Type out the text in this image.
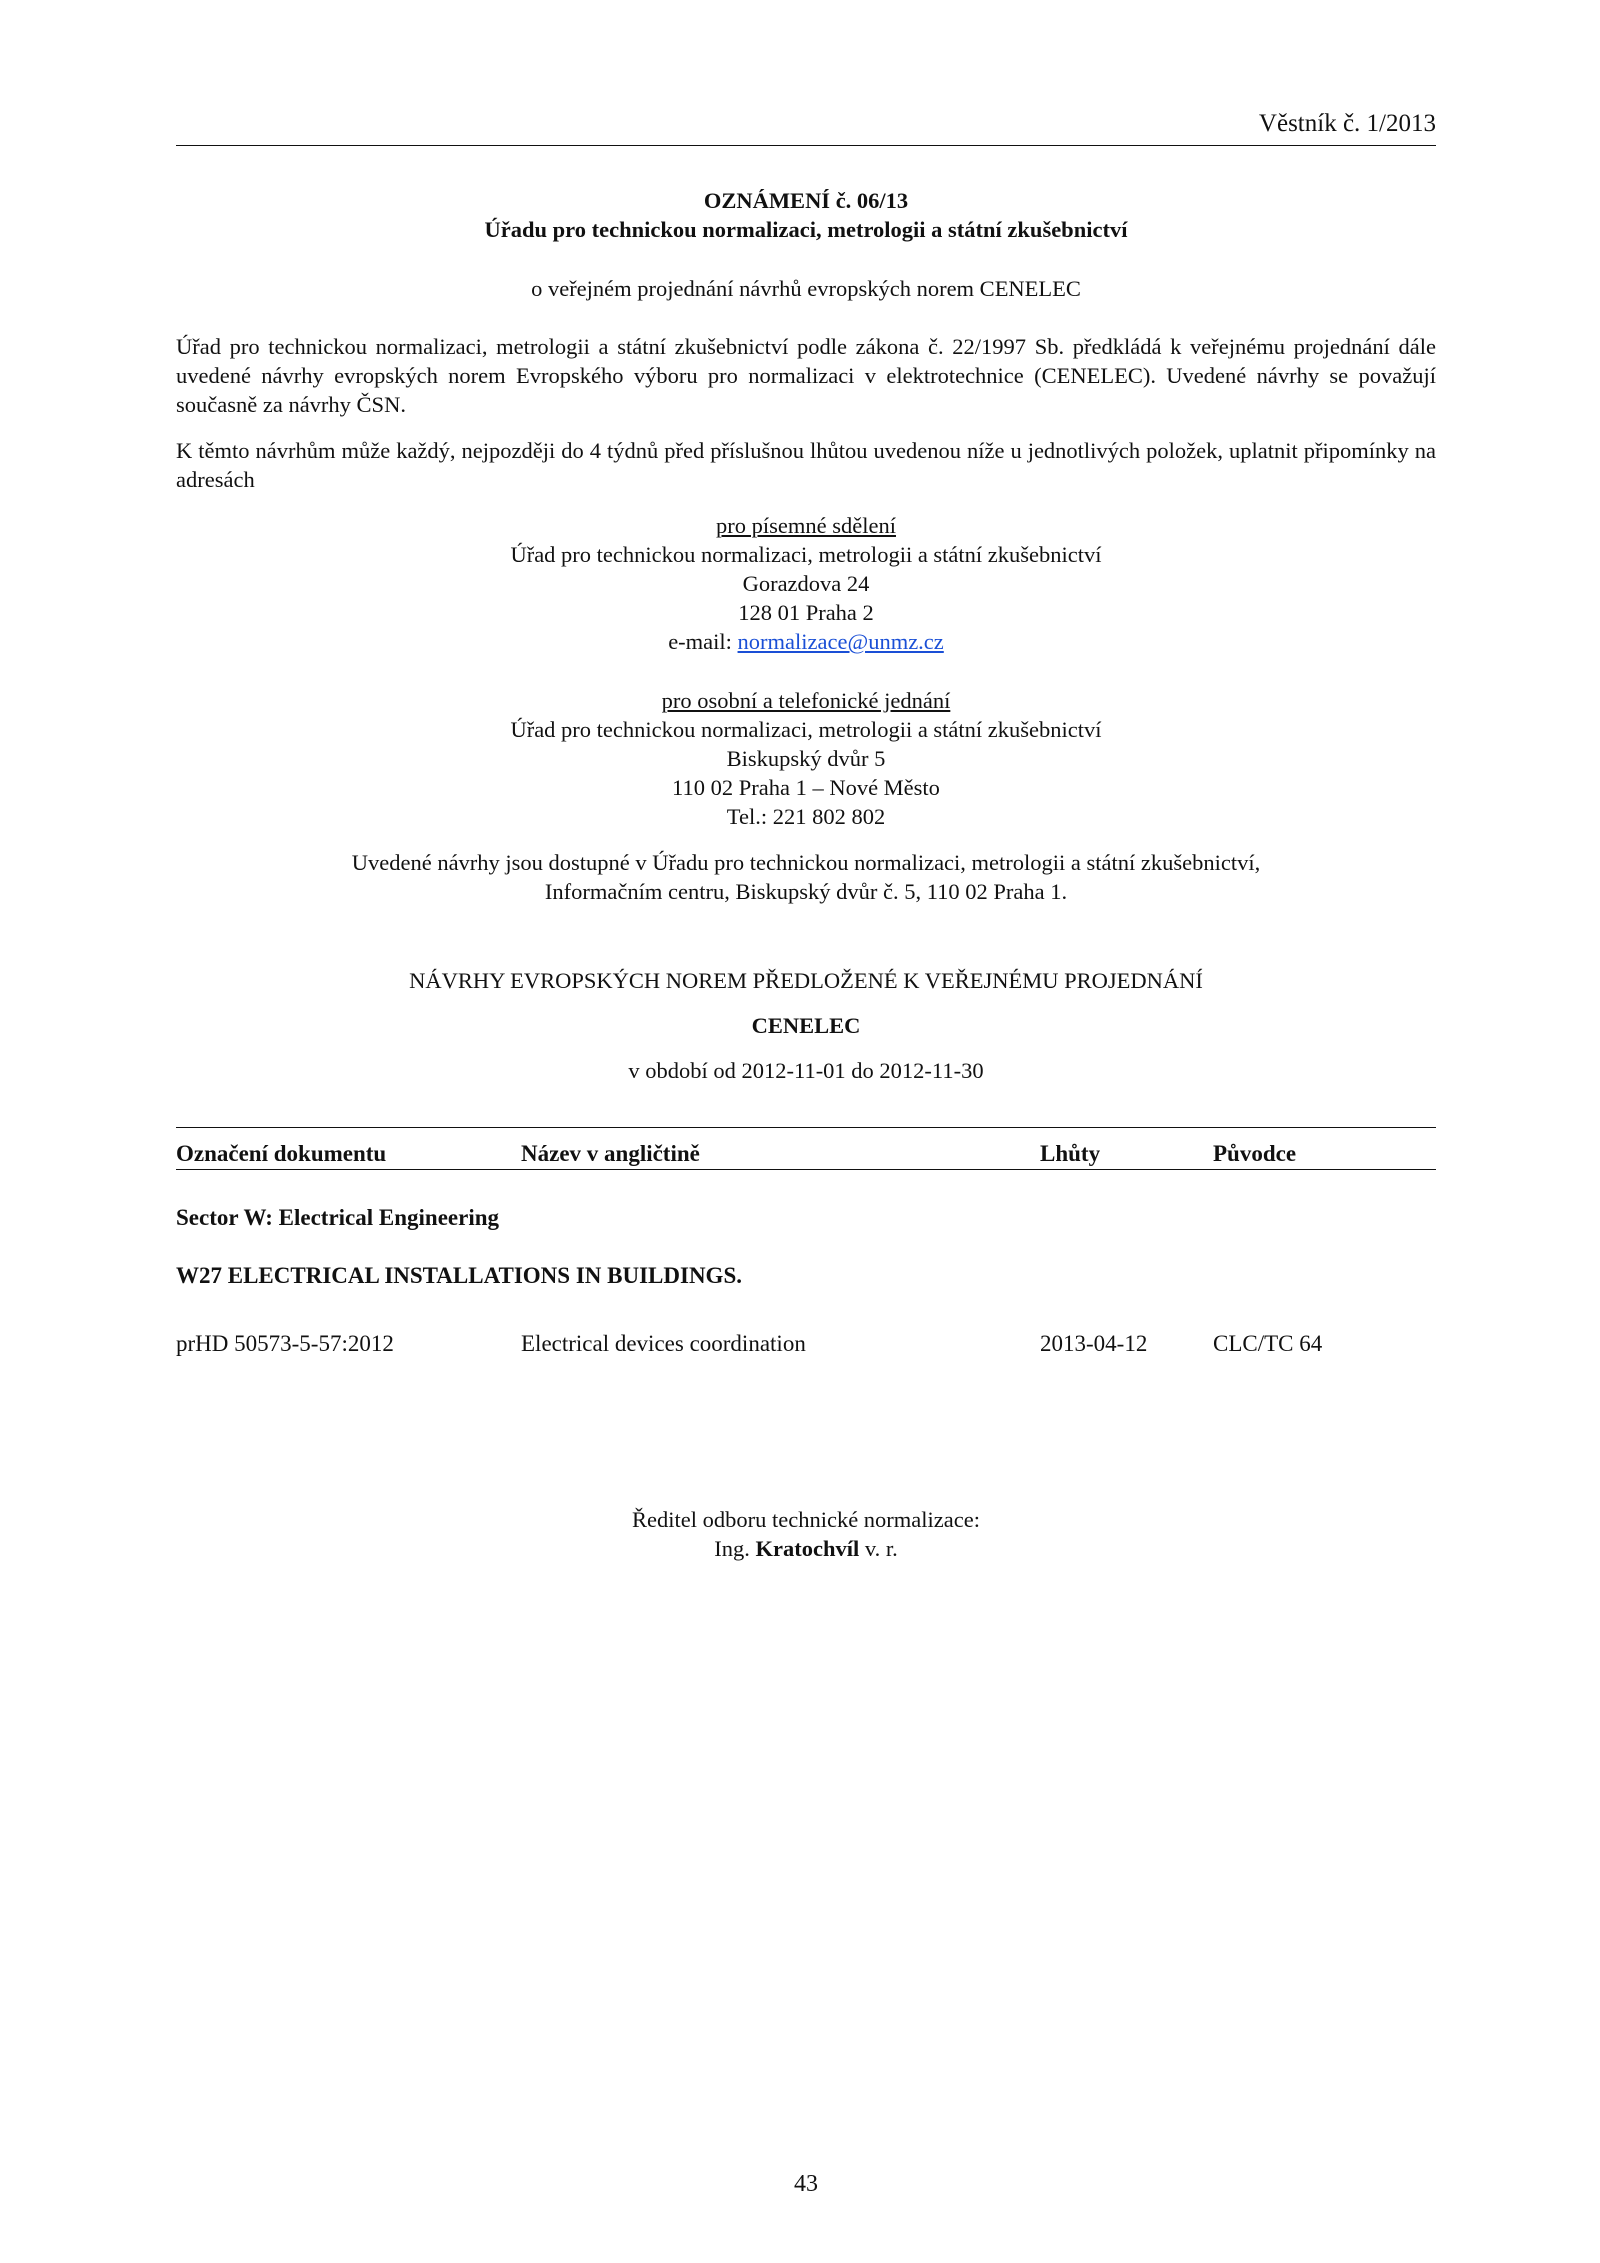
Věstník č. 1/2013
OZNÁMENÍ č. 06/13
Úřadu pro technickou normalizaci, metrologii a státní zkušebnictví
o veřejném projednání návrhů evropských norem CENELEC
Úřad pro technickou normalizaci, metrologii a státní zkušebnictví podle zákona č. 22/1997 Sb. předkládá k veřejnému projednání dále uvedené návrhy evropských norem Evropského výboru pro normalizaci v elektrotechnice (CENELEC). Uvedené návrhy se považují současně za návrhy ČSN.
K těmto návrhům může každý, nejpozději do 4 týdnů před příslušnou lhůtou uvedenou níže u jednotlivých položek, uplatnit připomínky na adresách
pro písemné sdělení
Úřad pro technickou normalizaci, metrologii a státní zkušebnictví
Gorazdova 24
128 01 Praha 2
e-mail: normalizace@unmz.cz
pro osobní a telefonické jednání
Úřad pro technickou normalizaci, metrologii a státní zkušebnictví
Biskupský dvůr 5
110 02 Praha 1 – Nové Město
Tel.: 221 802 802
Uvedené návrhy jsou dostupné v Úřadu pro technickou normalizaci, metrologii a státní zkušebnictví,
Informačním centru, Biskupský dvůr č. 5, 110 02 Praha 1.
NÁVRHY EVROPSKÝCH NOREM PŘEDLOŽENÉ K VEŘEJNÉMU PROJEDNÁNÍ
CENELEC
v období od 2012-11-01 do 2012-11-30
Označení dokumentu	Název v angličtině	Lhůty	Původce
Sector W: Electrical Engineering
W27 ELECTRICAL INSTALLATIONS IN BUILDINGS.
prHD 50573-5-57:2012	Electrical devices coordination	2013-04-12	CLC/TC 64
Ředitel odboru technické normalizace:
Ing. Kratochvíl v. r.
43
